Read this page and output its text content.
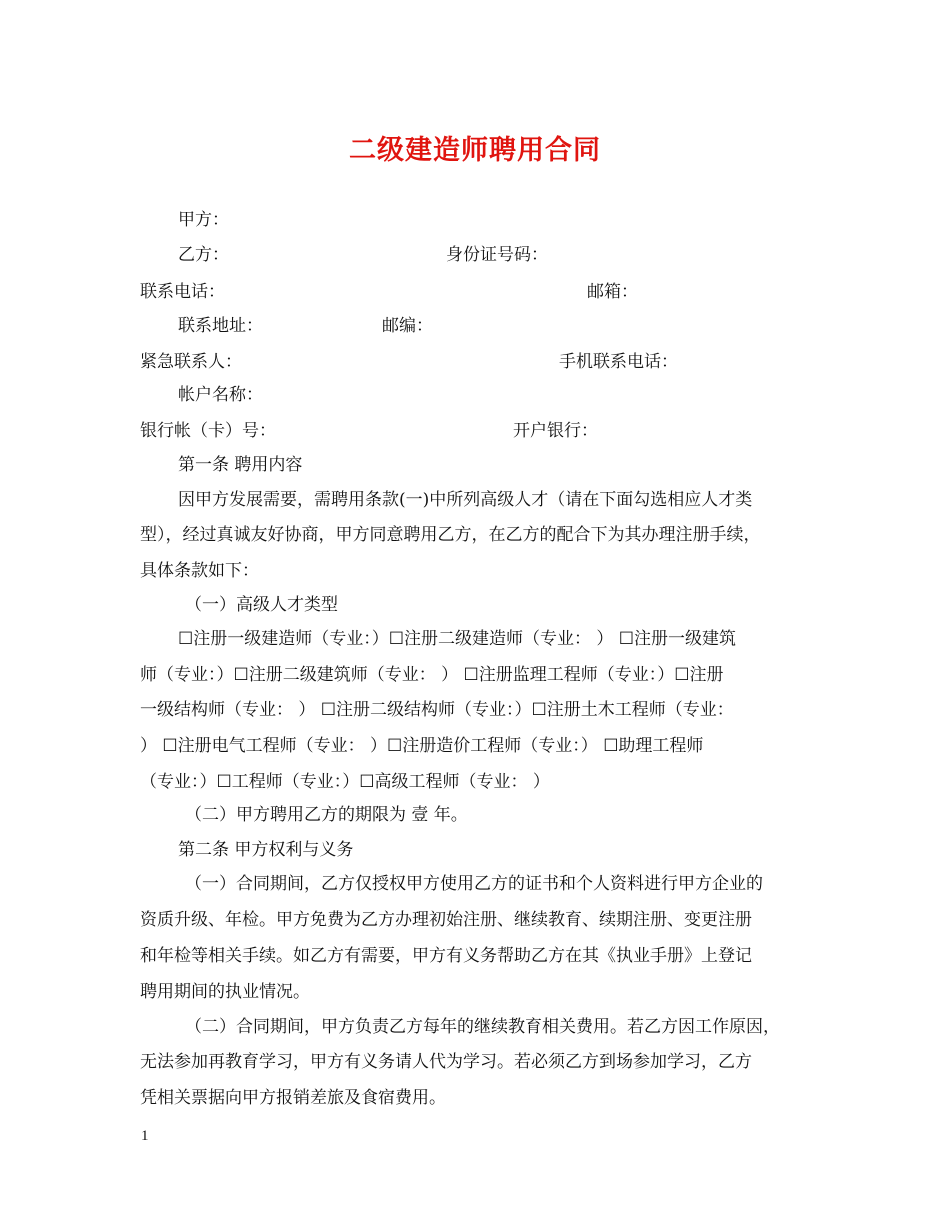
二级建造师聘用合同
甲方：
乙方：	身份证号码：
联系电话：	邮箱：
联系地址：	邮编：
紧急联系人：	手机联系电话：
帐户名称：
银行帐（卡）号：	开户银行：
第一条 聘用内容
因甲方发展需要，需聘用条款(一)中所列高级人才（请在下面勾选相应人才类
型），经过真诚友好协商，甲方同意聘用乙方，在乙方的配合下为其办理注册手续，
具体条款如下：
（一）高级人才类型
☐注册一级建造师（专业：）☐注册二级建造师（专业： ） ☐注册一级建筑
师（专业：）☐注册二级建筑师（专业： ） ☐注册监理工程师（专业：）☐注册
一级结构师（专业： ） ☐注册二级结构师（专业：）☐注册土木工程师（专业：
） ☐注册电气工程师（专业： ）☐注册造价工程师（专业：） ☐助理工程师
（专业：）☐工程师（专业：）☐高级工程师（专业： ）
（二）甲方聘用乙方的期限为 壹 年。
第二条 甲方权利与义务
（一）合同期间，乙方仅授权甲方使用乙方的证书和个人资料进行甲方企业的
资质升级、年检。甲方免费为乙方办理初始注册、继续教育、续期注册、变更注册
和年检等相关手续。如乙方有需要，甲方有义务帮助乙方在其《执业手册》上登记
聘用期间的执业情况。
（二）合同期间，甲方负责乙方每年的继续教育相关费用。若乙方因工作原因，
无法参加再教育学习，甲方有义务请人代为学习。若必须乙方到场参加学习，乙方
凭相关票据向甲方报销差旅及食宿费用。
1
